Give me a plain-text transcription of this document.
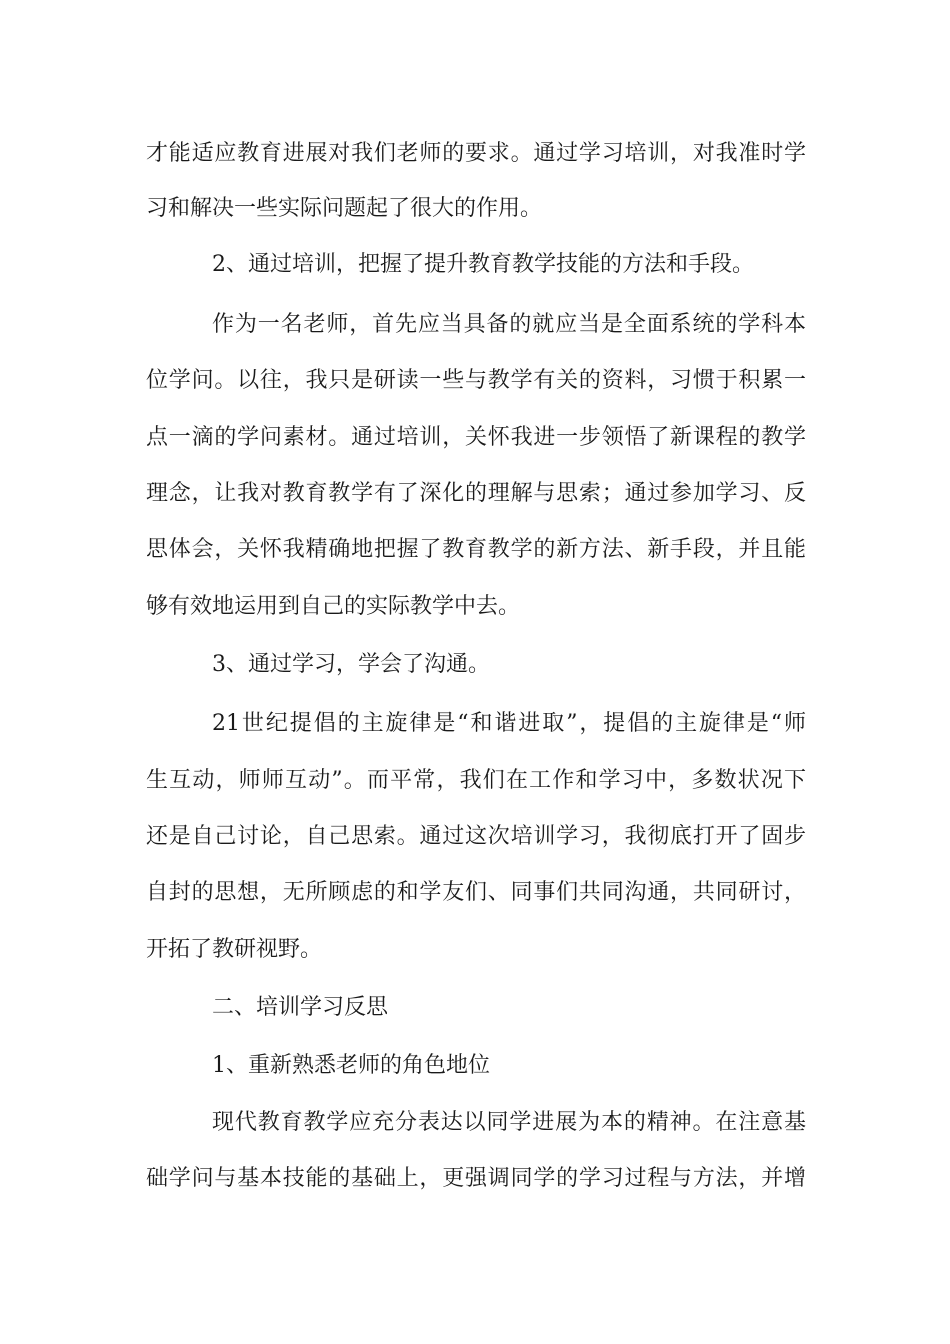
才能适应教育进展对我们老师的要求。通过学习培训，对我准时学
习和解决一些实际问题起了很大的作用。
2、通过培训，把握了提升教育教学技能的方法和手段。
作为一名老师，首先应当具备的就应当是全面系统的学科本
位学问。以往，我只是研读一些与教学有关的资料，习惯于积累一
点一滴的学问素材。通过培训，关怀我进一步领悟了新课程的教学
理念，让我对教育教学有了深化的理解与思索；通过参加学习、反
思体会，关怀我精确地把握了教育教学的新方法、新手段，并且能
够有效地运用到自己的实际教学中去。
3、通过学习，学会了沟通。
21世纪提倡的主旋律是“和谐进取”，提倡的主旋律是“师
生互动，师师互动”。而平常，我们在工作和学习中，多数状况下
还是自己讨论，自己思索。通过这次培训学习，我彻底打开了固步
自封的思想，无所顾虑的和学友们、同事们共同沟通，共同研讨，
开拓了教研视野。
二、培训学习反思
1、重新熟悉老师的角色地位
现代教育教学应充分表达以同学进展为本的精神。在注意基
础学问与基本技能的基础上，更强调同学的学习过程与方法，并增
